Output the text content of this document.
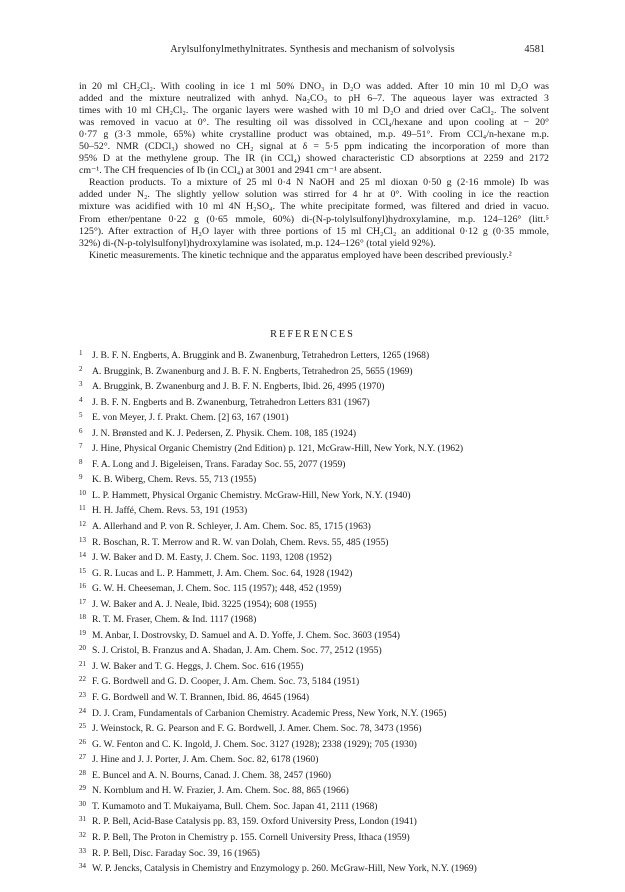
Arylsulfonylmethylnitrates. Synthesis and mechanism of solvolysis	4581
in 20 ml CH₂Cl₂. With cooling in ice 1 ml 50% DNO₃ in D₂O was added. After 10 min 10 ml D₂O was
added and the mixture neutralized with anhyd. Na₂CO₃ to pH 6–7. The aqueous layer was extracted 3
times with 10 ml CH₂Cl₂. The organic layers were washed with 10 ml D₂O and dried over CaCl₂. The solvent
was removed in vacuo at 0°. The resulting oil was dissolved in CCl₄/hexane and upon cooling at − 20°
0·77 g (3·3 mmole, 65%) white crystalline product was obtained, m.p. 49–51°. From CCl₄/n-hexane m.p.
50–52°. NMR (CDCl₃) showed no CH₂ signal at δ = 5·5 ppm indicating the incorporation of more than
95% D at the methylene group. The IR (in CCl₄) showed characteristic CD absorptions at 2259 and 2172
cm⁻¹. The CH frequencies of Ib (in CCl₄) at 3001 and 2941 cm⁻¹ are absent.
Reaction products. To a mixture of 25 ml 0·4 N NaOH and 25 ml dioxan 0·50 g (2·16 mmole) Ib was
added under N₂. The slightly yellow solution was stirred for 4 hr at 0°. With cooling in ice the reaction
mixture was acidified with 10 ml 4N H₂SO₄. The white precipitate formed, was filtered and dried in vacuo.
From ether/pentane 0·22 g (0·65 mmole, 60%) di-(N-p-tolylsulfonyl)hydroxylamine, m.p. 124–126° (litt.⁵
125°). After extraction of H₂O layer with three portions of 15 ml CH₂Cl₂ an additional 0·12 g (0·35 mmole,
32%) di-(N-p-tolylsulfonyl)hydroxylamine was isolated, m.p. 124–126° (total yield 92%).
Kinetic measurements. The kinetic technique and the apparatus employed have been described previously.²
REFERENCES
1 J. B. F. N. Engberts, A. Bruggink and B. Zwanenburg, Tetrahedron Letters, 1265 (1968)
2 A. Bruggink, B. Zwanenburg and J. B. F. N. Engberts, Tetrahedron 25, 5655 (1969)
3 A. Bruggink, B. Zwanenburg and J. B. F. N. Engberts, Ibid. 26, 4995 (1970)
4 J. B. F. N. Engberts and B. Zwanenburg, Tetrahedron Letters 831 (1967)
5 E. von Meyer, J. f. Prakt. Chem. [2] 63, 167 (1901)
6 J. N. Brønsted and K. J. Pedersen, Z. Physik. Chem. 108, 185 (1924)
7 J. Hine, Physical Organic Chemistry (2nd Edition) p. 121, McGraw-Hill, New York, N.Y. (1962)
8 F. A. Long and J. Bigeleisen, Trans. Faraday Soc. 55, 2077 (1959)
9 K. B. Wiberg, Chem. Revs. 55, 713 (1955)
10 L. P. Hammett, Physical Organic Chemistry. McGraw-Hill, New York, N.Y. (1940)
11 H. H. Jaffé, Chem. Revs. 53, 191 (1953)
12 A. Allerhand and P. von R. Schleyer, J. Am. Chem. Soc. 85, 1715 (1963)
13 R. Boschan, R. T. Merrow and R. W. van Dolah, Chem. Revs. 55, 485 (1955)
14 J. W. Baker and D. M. Easty, J. Chem. Soc. 1193, 1208 (1952)
15 G. R. Lucas and L. P. Hammett, J. Am. Chem. Soc. 64, 1928 (1942)
16 G. W. H. Cheeseman, J. Chem. Soc. 115 (1957); 448, 452 (1959)
17 J. W. Baker and A. J. Neale, Ibid. 3225 (1954); 608 (1955)
18 R. T. M. Fraser, Chem. & Ind. 1117 (1968)
19 M. Anbar, I. Dostrovsky, D. Samuel and A. D. Yoffe, J. Chem. Soc. 3603 (1954)
20 S. J. Cristol, B. Franzus and A. Shadan, J. Am. Chem. Soc. 77, 2512 (1955)
21 J. W. Baker and T. G. Heggs, J. Chem. Soc. 616 (1955)
22 F. G. Bordwell and G. D. Cooper, J. Am. Chem. Soc. 73, 5184 (1951)
23 F. G. Bordwell and W. T. Brannen, Ibid. 86, 4645 (1964)
24 D. J. Cram, Fundamentals of Carbanion Chemistry. Academic Press, New York, N.Y. (1965)
25 J. Weinstock, R. G. Pearson and F. G. Bordwell, J. Amer. Chem. Soc. 78, 3473 (1956)
26 G. W. Fenton and C. K. Ingold, J. Chem. Soc. 3127 (1928); 2338 (1929); 705 (1930)
27 J. Hine and J. J. Porter, J. Am. Chem. Soc. 82, 6178 (1960)
28 E. Buncel and A. N. Bourns, Canad. J. Chem. 38, 2457 (1960)
29 N. Kornblum and H. W. Frazier, J. Am. Chem. Soc. 88, 865 (1966)
30 T. Kumamoto and T. Mukaiyama, Bull. Chem. Soc. Japan 41, 2111 (1968)
31 R. P. Bell, Acid-Base Catalysis pp. 83, 159. Oxford University Press, London (1941)
32 R. P. Bell, The Proton in Chemistry p. 155. Cornell University Press, Ithaca (1959)
33 R. P. Bell, Disc. Faraday Soc. 39, 16 (1965)
34 W. P. Jencks, Catalysis in Chemistry and Enzymology p. 260. McGraw-Hill, New York, N.Y. (1969)
